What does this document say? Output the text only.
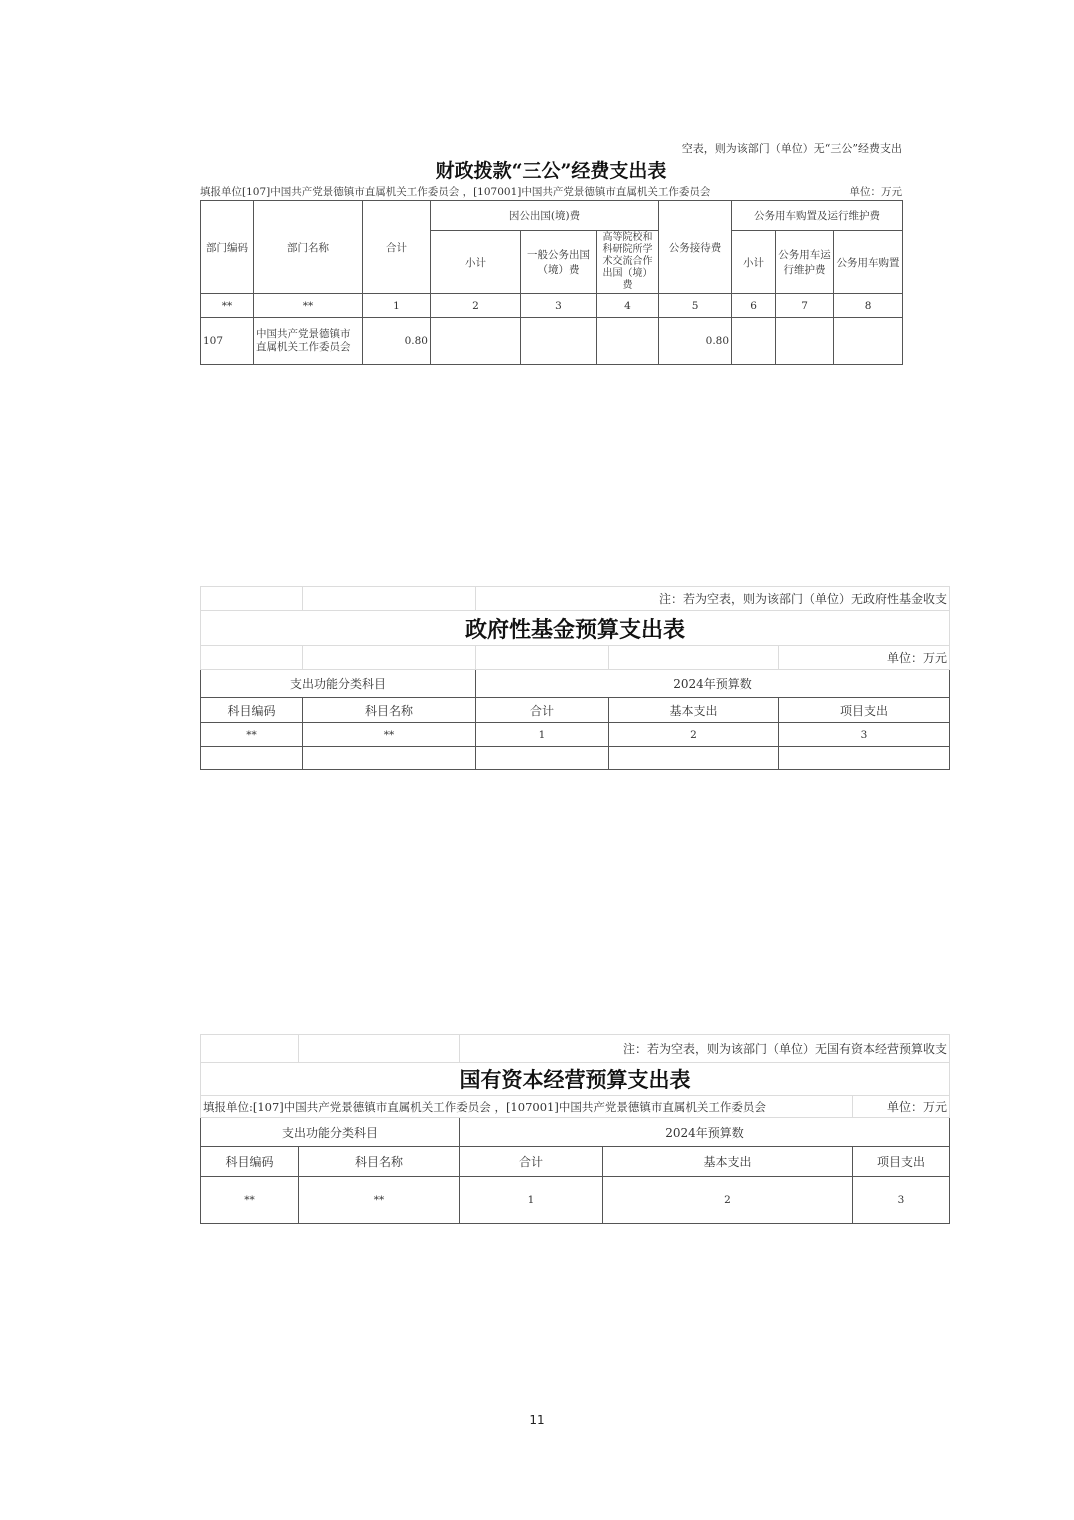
空表，则为该部门（单位）无“三公”经费支出
财政拨款“三公”经费支出表
填报单位[107]中国共产党景德镇市直属机关工作委员会 ，[107001]中国共产党景德镇市直属机关工作委员会	单位：万元
部门编码	部门名称	合计	因公出国(境)费			公务接待费	公务用车购置及运行维护费		
			小计	一般公务出国（境）费	高等院校和科研院所学术交流合作出国（境）费		小计	公务用车运行维护费	公务用车购置
**	**	1	2	3	4	5	6	7	8
107	中国共产党景德镇市直属机关工作委员会	0.80				0.80			
		注：若为空表，则为该部门（单位）无政府性基金收支		
政府性基金预算支出表				
				单位：万元
支出功能分类科目		2024年预算数		
科目编码	科目名称	合计	基本支出	项目支出
**	**	1	2	3

		注：若为空表，则为该部门（单位）无国有资本经营预算收支		
国有资本经营预算支出表				
填报单位:[107]中国共产党景德镇市直属机关工作委员会 ，[107001]中国共产党景德镇市直属机关工作委员会				单位：万元
支出功能分类科目		2024年预算数		
科目编码	科目名称	合计	基本支出	项目支出
**	**	1	2	3
11
